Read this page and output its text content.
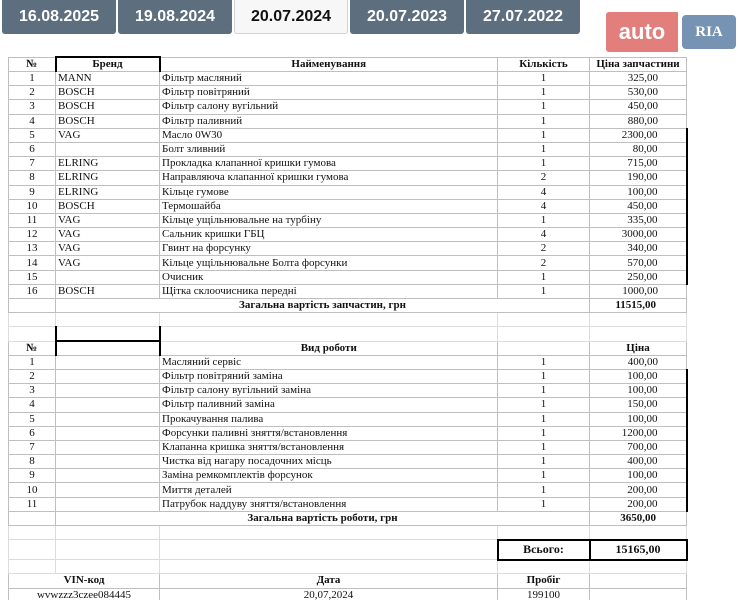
16.08.2025	19.08.2024	20.07.2024	20.07.2023	27.07.2022
auto	RIA
№	Бренд	Найменування	Кількість	Ціна запчастини
1	MANN	Фільтр масляний	1	325,00
2	BOSCH	Фільтр повітряний	1	530,00
3	BOSCH	Фільтр салону вугільний	1	450,00
4	BOSCH	Фільтр паливний	1	880,00
5	VAG	Масло 0W30	1	2300,00
6		Болт зливний	1	80,00
7	ELRING	Прокладка клапанної кришки гумова	1	715,00
8	ELRING	Направляюча клапанної кришки гумова	2	190,00
9	ELRING	Кільце гумове	4	100,00
10	BOSCH	Термошайба	4	450,00
11	VAG	Кільце ущільнювальне на турбіну	1	335,00
12	VAG	Сальник кришки ГБЦ	4	3000,00
13	VAG	Гвинт на форсунку	2	340,00
14	VAG	Кільце ущільнювальне Болта форсунки	2	570,00
15		Очисник	1	250,00
16	BOSCH	Щітка склоочисника передні	1	1000,00
	Загальна вартість запчастин, грн			11515,00

№		Вид роботи		Ціна
1		Масляний сервіс	1	400,00
2		Фільтр повітряний заміна	1	100,00
3		Фільтр салону вугільний заміна	1	100,00
4		Фільтр паливний заміна	1	150,00
5		Прокачування палива	1	100,00
6		Форсунки паливні зняття/встановлення	1	1200,00
7		Клапанна кришка зняття/встановлення	1	700,00
8		Чистка від нагару посадочних місць	1	400,00
9		Заміна ремкомплектів форсунок	1	100,00
10		Миття деталей	1	200,00
11		Патрубок наддуву зняття/встановлення	1	200,00
	Загальна вартість роботи, грн			3650,00

			Всього:	15165,00

VIN-код		Дата	Пробіг	
wvwzzz3czee084445		20,07,2024	199100	
